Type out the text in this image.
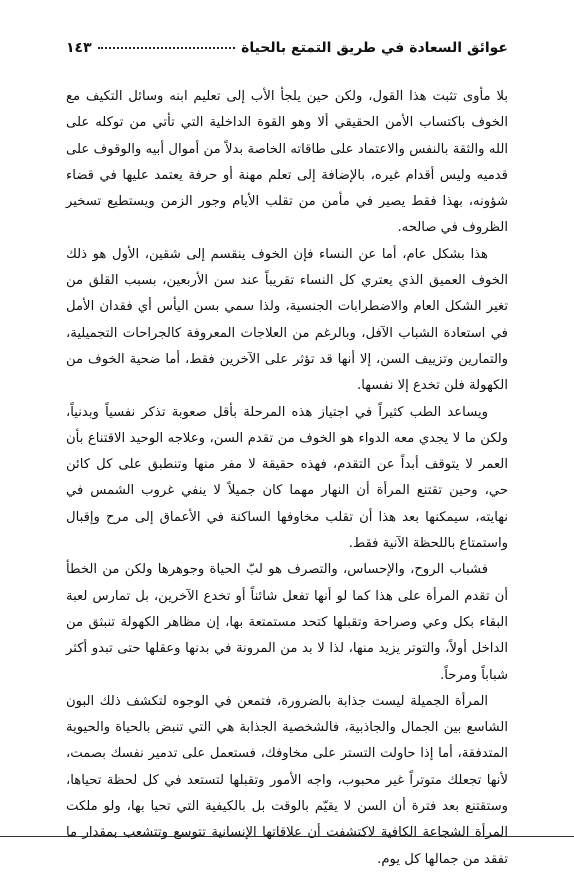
عوائق السعادة في طريق التمتع بالحياة
١٤٣

بلا مأوى تثبت هذا القول، ولكن حين يلجأ الأب إلى تعليم ابنه وسائل التكيف مع الخوف باكتساب الأمن الحقيقي ألا وهو القوة الداخلية التي تأتي من توكله على الله والثقة بالنفس والاعتماد على طاقاته الخاصة بدلاً من أموال أبيه والوقوف على قدميه وليس أقدام غيره، بالإضافة إلى تعلم مهنة أو حرفة يعتمد عليها في قضاء شؤونه، بهذا فقط يصير في مأمن من تقلب الأيام وجور الزمن ويستطيع تسخير الظروف في صالحه.

هذا بشكل عام، أما عن النساء فإن الخوف ينقسم إلى شقين، الأول هو ذلك الخوف العميق الذي يعتري كل النساء تقريباً عند سن الأربعين، بسبب القلق من تغير الشكل العام والاضطرابات الجنسية، ولذا سمي بسن اليأس أي فقدان الأمل في استعادة الشباب الآفل، وبالرغم من العلاجات المعروفة كالجراحات التجميلية، والتمارين وتزييف السن، إلا أنها قد تؤثر على الآخرين فقط، أما ضحية الخوف من الكهولة فلن تخدع إلا نفسها.

ويساعد الطب كثيراً في اجتياز هذه المرحلة بأقل صعوبة تذكر نفسياً وبدنياً، ولكن ما لا يجدي معه الدواء هو الخوف من تقدم السن، وعلاجه الوحيد الاقتناع بأن العمر لا يتوقف أبداً عن التقدم، فهذه حقيقة لا مفر منها وتنطبق على كل كائن حي، وحين تقتنع المرأة أن النهار مهما كان جميلاً لا ينفي غروب الشمس في نهايته، سيمكنها بعد هذا أن تقلب مخاوفها الساكنة في الأعماق إلى مرح وإقبال واستمتاع باللحظة الآنية فقط.

فشباب الروح، والإحساس، والتصرف هو لبّ الحياة وجوهرها ولكن من الخطأ أن تقدم المرأة على هذا كما لو أنها تفعل شائناً أو تخدع الآخرين، بل تمارس لعبة البقاء بكل وعي وصراحة وتقبلها كتحد مستمتعة بها، إن مظاهر الكهولة تنبثق من الداخل أولاً، والتوتر يزيد منها، لذا لا بد من المرونة في بدنها وعقلها حتى تبدو أكثر شباباً ومرحاً.

المرأة الجميلة ليست جذابة بالضرورة، فتمعن في الوجوه لتكشف ذلك البون الشاسع بين الجمال والجاذبية، فالشخصية الجذابة هي التي تنبض بالحياة والحيوية المتدفقة، أما إذا حاولت التستر على مخاوفك، فستعمل على تدمير نفسك بصمت، لأنها تجعلك متوتراً غير محبوب، واجه الأمور وتقبلها لتستعد في كل لحظة تحياها، وستقتنع بعد فترة أن السن لا يقيّم بالوقت بل بالكيفية التي تحيا بها، ولو ملكت المرأة الشجاعة الكافية لاكتشفت أن علاقاتها الإنسانية تتوسع وتتشعب بمقدار ما تفقد من جمالها كل يوم.
